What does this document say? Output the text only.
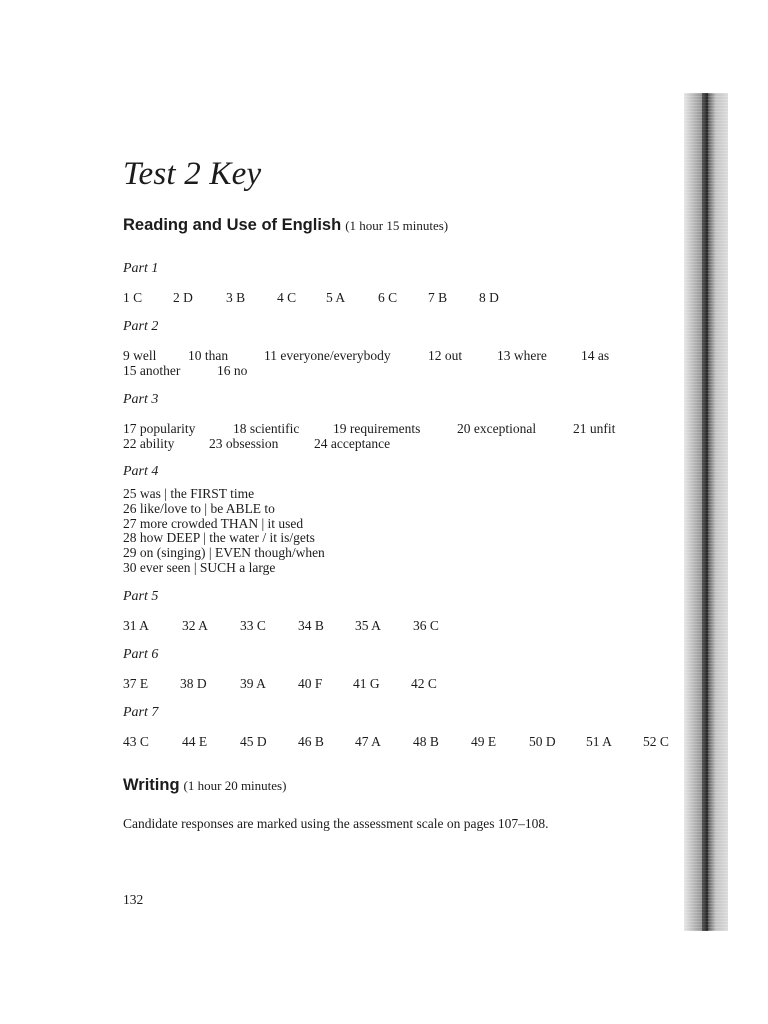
Test 2 Key
Reading and Use of English (1 hour 15 minutes)
Part 1
1 C 2 D 3 B 4 C 5 A 6 C 7 B 8 D
Part 2
9 well 10 than	11 everyone/everybody	12 out	13 where	14 as
15 another	16 no
Part 3
17 popularity	18 scientific 19 requirements	20 exceptional	21 unfit
22 ability	23 obsession	24 acceptance
Part 4
25 was | the FIRST time
26 like/love to | be ABLE to
27 more crowded THAN | it used
28 how DEEP | the water / it is/gets
29 on (singing) | EVEN though/when
30 ever seen | SUCH a large
Part 5
31 A 32 A 33 C 34 B 35 A 36 C
Part 6
37 E 38 D 39 A 40 F 41 G 42 C
Part 7
43 C 44 E 45 D 46 B 47 A 48 B 49 E 50 D 51 A 52 C
Writing (1 hour 20 minutes)
Candidate responses are marked using the assessment scale on pages 107–108.
132
